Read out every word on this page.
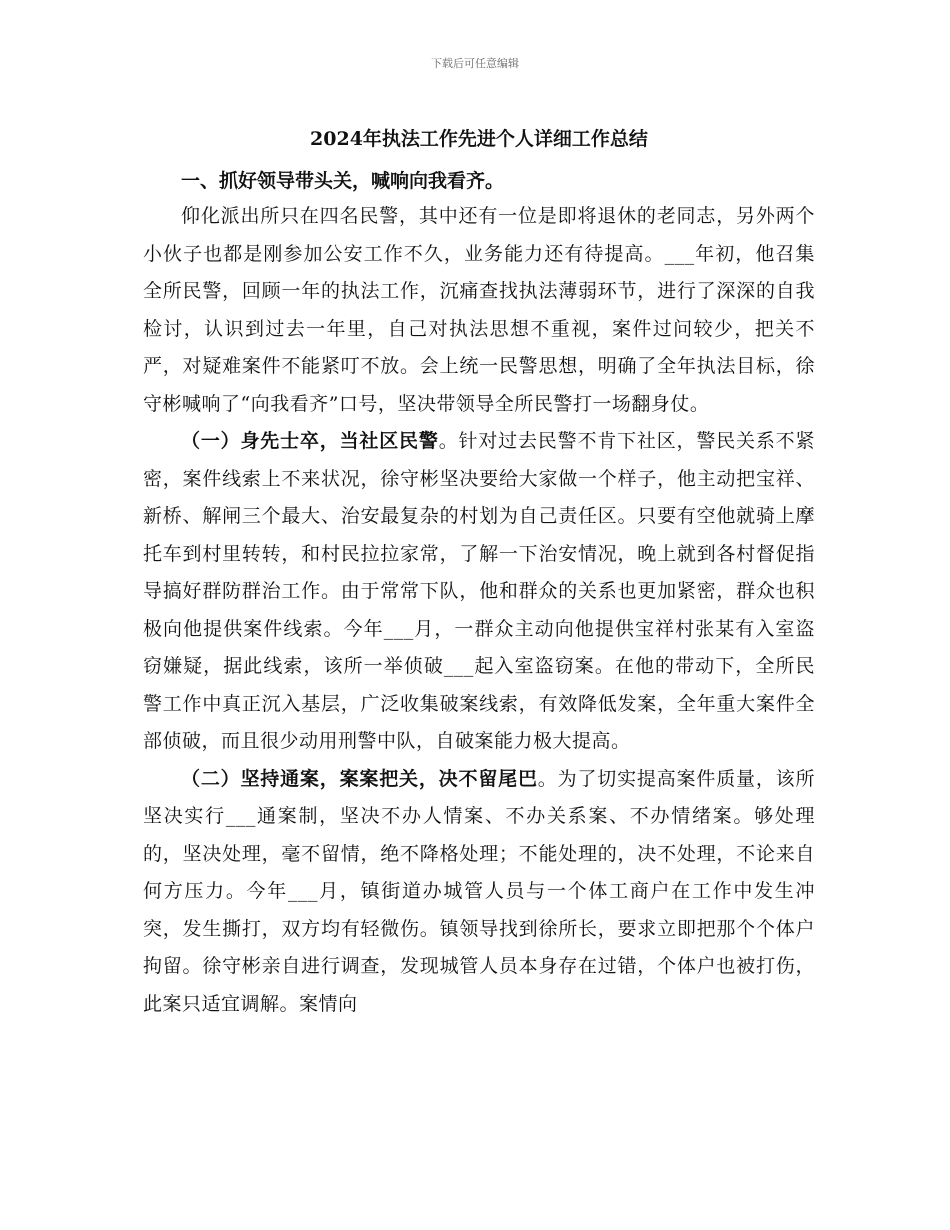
下载后可任意编辑
2024年执法工作先进个人详细工作总结

一、抓好领导带头关，喊响向我看齐。

仰化派出所只在四名民警，其中还有一位是即将退休的老同志，另外两个小伙子也都是刚参加公安工作不久，业务能力还有待提高。___年初，他召集全所民警，回顾一年的执法工作，沉痛查找执法薄弱环节，进行了深深的自我检讨，认识到过去一年里，自己对执法思想不重视，案件过问较少，把关不严，对疑难案件不能紧叮不放。会上统一民警思想，明确了全年执法目标，徐守彬喊响了“向我看齐”口号，坚决带领导全所民警打一场翻身仗。

（一）身先士卒，当社区民警。针对过去民警不肯下社区，警民关系不紧密，案件线索上不来状况，徐守彬坚决要给大家做一个样子，他主动把宝祥、新桥、解闸三个最大、治安最复杂的村划为自己责任区。只要有空他就骑上摩托车到村里转转，和村民拉拉家常，了解一下治安情况，晚上就到各村督促指导搞好群防群治工作。由于常常下队，他和群众的关系也更加紧密，群众也积极向他提供案件线索。今年___月，一群众主动向他提供宝祥村张某有入室盗窃嫌疑，据此线索，该所一举侦破___起入室盗窃案。在他的带动下，全所民警工作中真正沉入基层，广泛收集破案线索，有效降低发案，全年重大案件全部侦破，而且很少动用刑警中队，自破案能力极大提高。

（二）坚持通案，案案把关，决不留尾巴。为了切实提高案件质量，该所坚决实行___通案制，坚决不办人情案、不办关系案、不办情绪案。够处理的，坚决处理，毫不留情，绝不降格处理；不能处理的，决不处理，不论来自何方压力。今年___月，镇街道办城管人员与一个体工商户在工作中发生冲突，发生撕打，双方均有轻微伤。镇领导找到徐所长，要求立即把那个个体户拘留。徐守彬亲自进行调查，发现城管人员本身存在过错，个体户也被打伤，此案只适宜调解。案情向
